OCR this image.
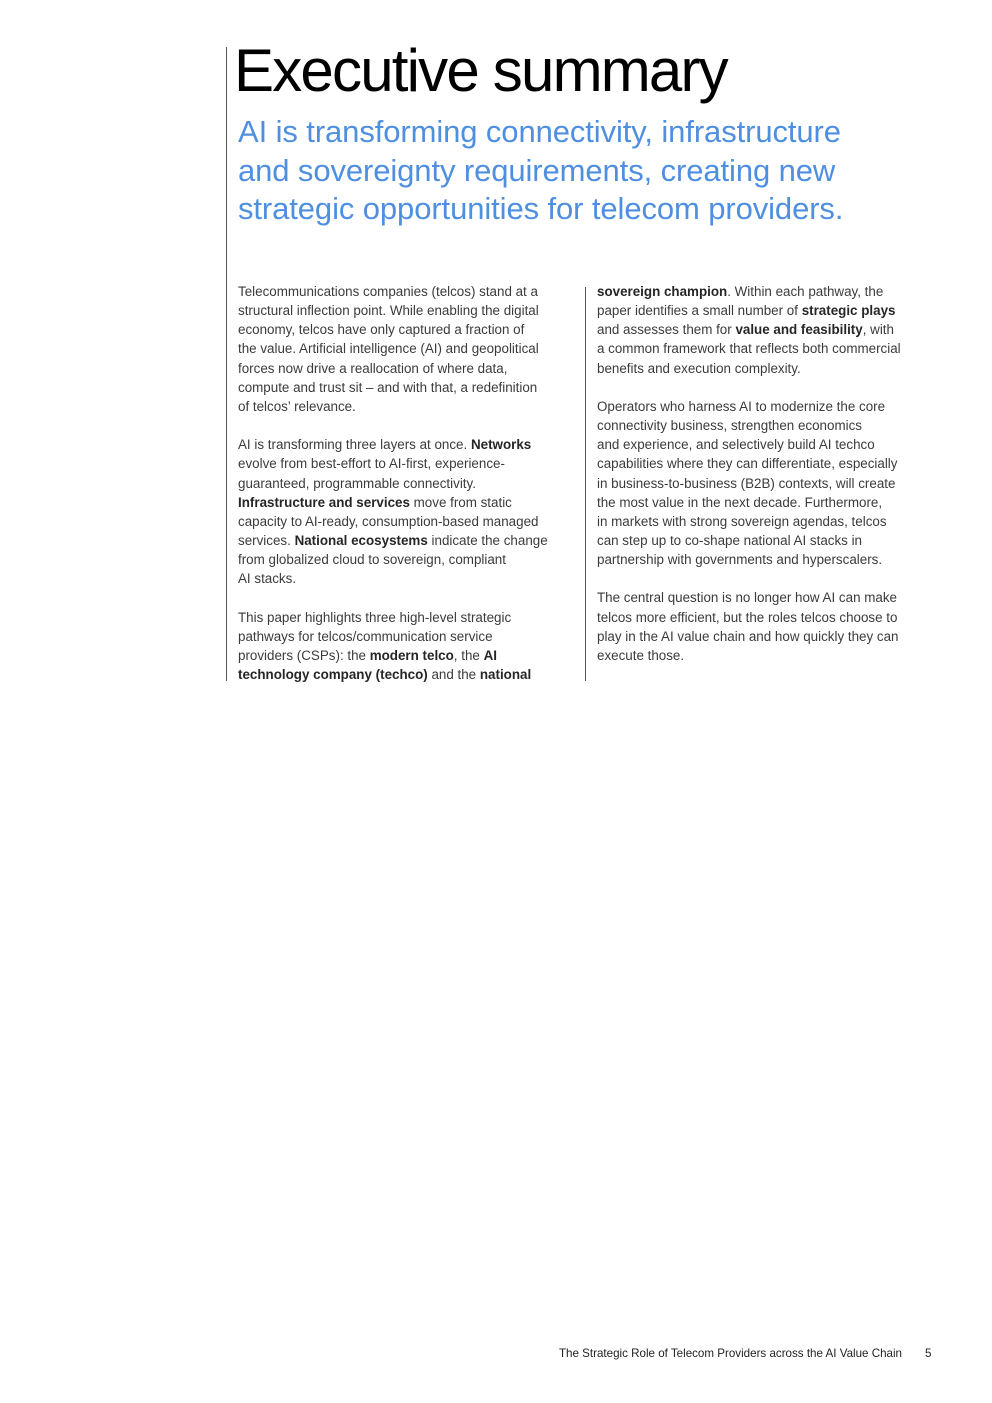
Executive summary
AI is transforming connectivity, infrastructure
and sovereignty requirements, creating new
strategic opportunities for telecom providers.

Telecommunications companies (telcos) stand at a
structural inflection point. While enabling the digital
economy, telcos have only captured a fraction of
the value. Artificial intelligence (AI) and geopolitical
forces now drive a reallocation of where data,
compute and trust sit – and with that, a redefinition
of telcos’ relevance.

AI is transforming three layers at once. Networks
evolve from best-effort to AI-first, experience-
guaranteed, programmable connectivity.
Infrastructure and services move from static
capacity to AI-ready, consumption-based managed
services. National ecosystems indicate the change
from globalized cloud to sovereign, compliant
AI stacks.

This paper highlights three high-level strategic
pathways for telcos/communication service
providers (CSPs): the modern telco, the AI
technology company (techco) and the national

sovereign champion. Within each pathway, the
paper identifies a small number of strategic plays
and assesses them for value and feasibility, with
a common framework that reflects both commercial
benefits and execution complexity.

Operators who harness AI to modernize the core
connectivity business, strengthen economics
and experience, and selectively build AI techco
capabilities where they can differentiate, especially
in business-to-business (B2B) contexts, will create
the most value in the next decade. Furthermore,
in markets with strong sovereign agendas, telcos
can step up to co-shape national AI stacks in
partnership with governments and hyperscalers.

The central question is no longer how AI can make
telcos more efficient, but the roles telcos choose to
play in the AI value chain and how quickly they can
execute those.

The Strategic Role of Telecom Providers across the AI Value Chain 5
